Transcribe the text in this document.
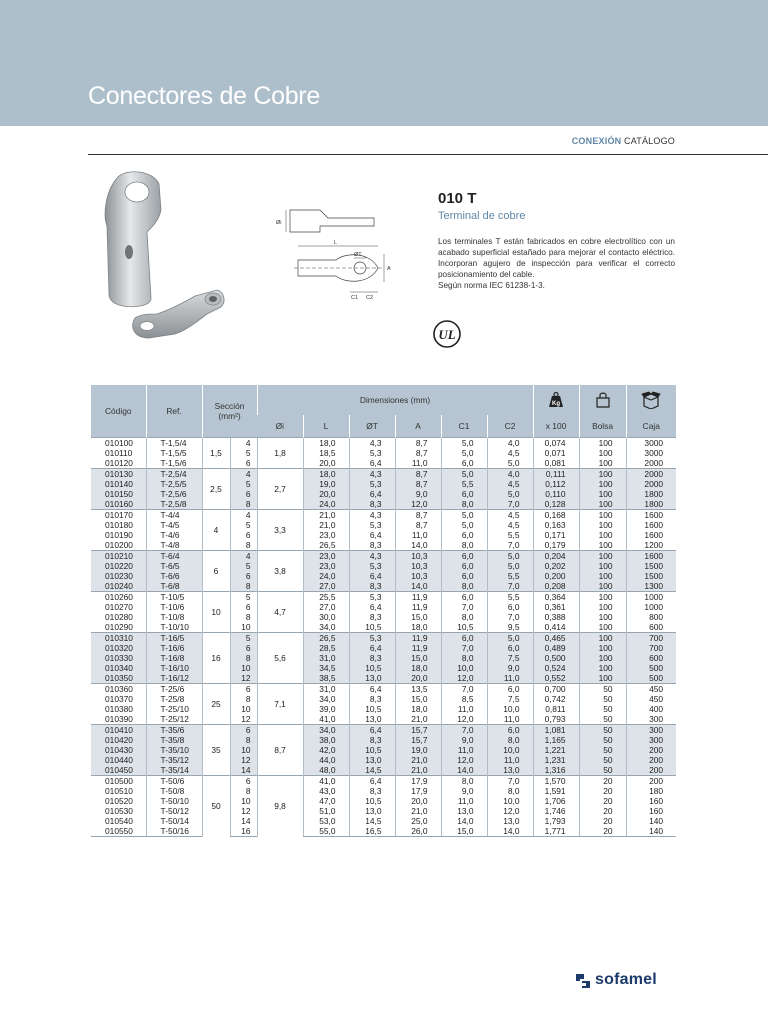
Conectores de Cobre
CONEXIÓN CATÁLOGO
Øi
L
ØT
A
C1 C2
010 T
Terminal de cobre

Los terminales T están fabricados en cobre electrolítico con un acabado superficial estañado para mejorar el contacto eléctrico. Incorporan agujero de inspección para verificar el correcto posicionamiento del cable.

Según norma IEC 61238-1-3.

UL
Código	Ref.	Sección
(mm²)		Dimensiones (mm)						Kg

				Øi	L	ØT	A	C1	C2	x 100	Bolsa	Caja
010100	T-1,5/4	1,5	4	1,8	18,0	4,3	8,7	5,0	4,0	0,074	100	3000
010110	T-1,5/5		5		18,5	5,3	8,7	5,0	4,5	0,071	100	3000
010120	T-1,5/6		6		20,0	6,4	11,0	6,0	5,0	0,081	100	2000
010130	T-2,5/4	2,5	4	2,7	18,0	4,3	8,7	5,0	4,0	0,111	100	2000
010140	T-2,5/5		5		19,0	5,3	8,7	5,5	4,5	0,112	100	2000
010150	T-2,5/6		6		20,0	6,4	9,0	6,0	5,0	0,110	100	1800
010160	T-2,5/8		8		24,0	8,3	12,0	8,0	7,0	0,128	100	1800
010170	T-4/4	4	4	3,3	21,0	4,3	8,7	5,0	4,5	0,168	100	1600
010180	T-4/5		5		21,0	5,3	8,7	5,0	4,5	0,163	100	1600
010190	T-4/6		6		23,0	6,4	11,0	6,0	5,5	0,171	100	1600
010200	T-4/8		8		26,5	8,3	14,0	8,0	7,0	0,179	100	1200
010210	T-6/4	6	4	3,8	23,0	4,3	10,3	6,0	5,0	0,204	100	1600
010220	T-6/5		5		23,0	5,3	10,3	6,0	5,0	0,202	100	1500
010230	T-6/6		6		24,0	6,4	10,3	6,0	5,5	0,200	100	1500
010240	T-6/8		8		27,0	8,3	14,0	8,0	7,0	0,208	100	1300
010260	T-10/5	10	5	4,7	25,5	5,3	11,9	6,0	5,5	0,364	100	1000
010270	T-10/6		6		27,0	6,4	11,9	7,0	6,0	0,361	100	1000
010280	T-10/8		8		30,0	8,3	15,0	8,0	7,0	0,388	100	800
010290	T-10/10		10		34,0	10,5	18,0	10,5	9,5	0,414	100	600
010310	T-16/5	16	5	5,6	26,5	5,3	11,9	6,0	5,0	0,465	100	700
010320	T-16/6		6		28,5	6,4	11,9	7,0	6,0	0,489	100	700
010330	T-16/8		8		31,0	8,3	15,0	8,0	7,5	0,500	100	600
010340	T-16/10		10		34,5	10,5	18,0	10,0	9,0	0,524	100	500
010350	T-16/12		12		38,5	13,0	20,0	12,0	11,0	0,552	100	500
010360	T-25/6	25	6	7,1	31,0	6,4	13,5	7,0	6,0	0,700	50	450
010370	T-25/8		8		34,0	8,3	15,0	8,5	7,5	0,742	50	450
010380	T-25/10		10		39,0	10,5	18,0	11,0	10,0	0,811	50	400
010390	T-25/12		12		41,0	13,0	21,0	12,0	11,0	0,793	50	300
010410	T-35/6	35	6	8,7	34,0	6,4	15,7	7,0	6,0	1,081	50	300
010420	T-35/8		8		38,0	8,3	15,7	9,0	8,0	1,165	50	300
010430	T-35/10		10		42,0	10,5	19,0	11,0	10,0	1,221	50	200
010440	T-35/12		12		44,0	13,0	21,0	12,0	11,0	1,231	50	200
010450	T-35/14		14		48,0	14,5	21,0	14,0	13,0	1,316	50	200
010500	T-50/6	50	6	9,8	41,0	6,4	17,9	8,0	7,0	1,570	20	200
010510	T-50/8		8		43,0	8,3	17,9	9,0	8,0	1,591	20	180
010520	T-50/10		10		47,0	10,5	20,0	11,0	10,0	1,706	20	160
010530	T-50/12		12		51,0	13,0	21,0	13,0	12,0	1,746	20	160
010540	T-50/14		14		53,0	14,5	25,0	14,0	13,0	1,793	20	140
010550	T-50/16		16		55,0	16,5	26,0	15,0	14,0	1,771	20	140
sofamel
